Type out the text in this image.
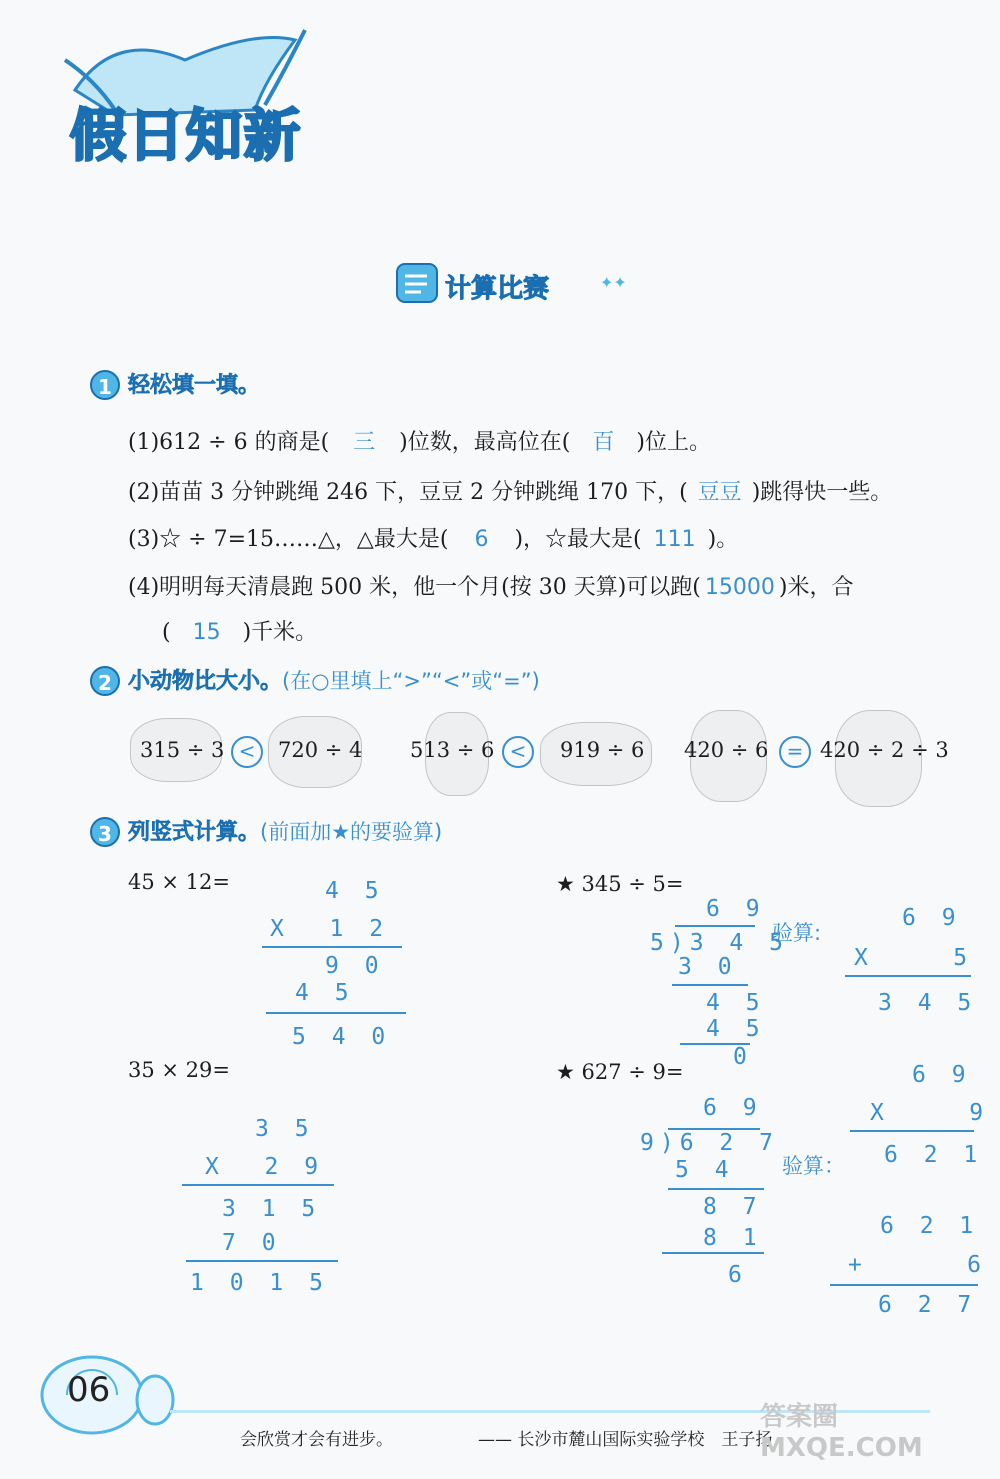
假日知新
✦✦
计算比赛
1 轻松填一填。
(1)612 ÷ 6 的商是( 三 )位数，最高位在( 百 )位上。
(2)苗苗 3 分钟跳绳 246 下，豆豆 2 分钟跳绳 170 下，( 豆豆 )跳得快一些。
(3)☆ ÷ 7=15……△，△最大是( 6 )，☆最大是( 111 )。
(4)明明每天清晨跑 500 米，他一个月(按 30 天算)可以跑( 15000 )米，合
( 15 )千米。
2 小动物比大小。(在○里填上“>”“<”或“=”)
315 ÷ 3 <	720 ÷ 4 513 ÷ 6 <	919 ÷ 6 420 ÷ 6 = 420 ÷ 2 ÷ 3
3 列竖式计算。(前面加★的要验算)
45 × 12=	★ 345 ÷ 5=
35 × 29=	★ 627 ÷ 9=
4 5
X  1 2
9 0
4 5
5 4 0
6 9
5)3 4 5
3 0
4 5
4 5
0
验算:
6 9
X    5
3 4 5
3 5
X  2 9
3 1 5
7 0
1 0 1 5
6 9
9)6 2 7
5 4
8 7
8 1
6
验算：
6 9
X    9
6 2 1
6 2 1
+     6
6 2 7
06
会欣赏才会有进步。	—— 长沙市麓山国际实验学校　王子扬
答案圈 MXQE.COM
